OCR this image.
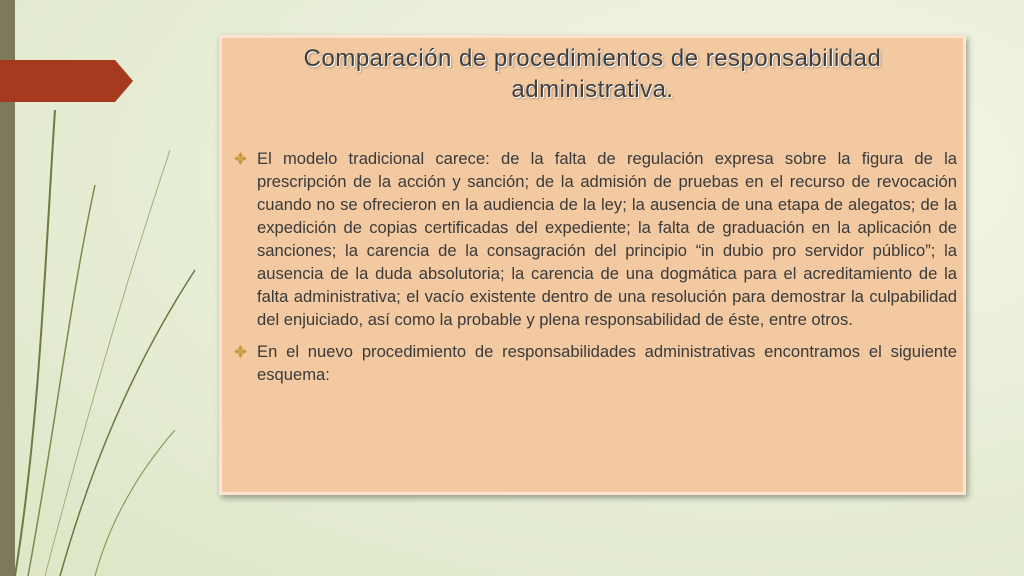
Comparación de procedimientos de responsabilidad administrativa.
El modelo tradicional carece: de la falta de regulación expresa sobre la figura de la prescripción de la acción y sanción; de la admisión de pruebas en el recurso de revocación cuando no se ofrecieron en la audiencia de la ley; la ausencia de una etapa de alegatos; de la expedición de copias certificadas del expediente; la falta de graduación en la aplicación de sanciones; la carencia de la consagración del principio “in dubio pro servidor público”; la ausencia de la duda absolutoria; la carencia de una dogmática para el acreditamiento de la falta administrativa; el vacío existente dentro de una resolución para demostrar la culpabilidad del enjuiciado, así como la probable y plena responsabilidad de éste, entre otros.
En el nuevo procedimiento de responsabilidades administrativas encontramos el siguiente esquema:
